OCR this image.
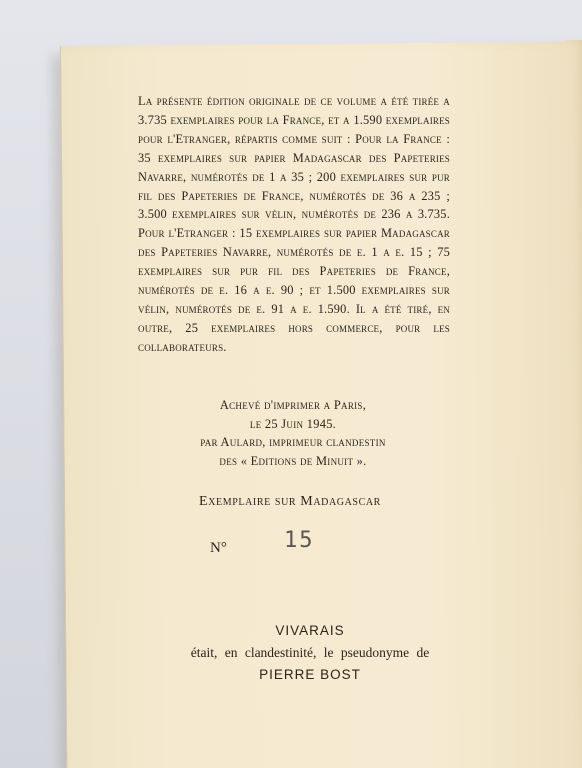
La présente édition originale de ce volume a été tirée a 3.735 exemplaires pour la France, et a 1.590 exemplaires pour l'Etranger, répartis comme suit : Pour la France : 35 exemplaires sur papier Madagascar des Papeteries Navarre, numérotés de 1 a 35 ; 200 exemplaires sur pur fil des Papeteries de France, numérotés de 36 a 235 ; 3.500 exemplaires sur vélin, numérotés de 236 a 3.735. Pour l'Etranger : 15 exemplaires sur papier Madagascar des Papeteries Navarre, numérotés de e. 1 a e. 15 ; 75 exemplaires sur pur fil des Papeteries de France, numérotés de e. 16 a e. 90 ; et 1.500 exemplaires sur vélin, numérotés de e. 91 a e. 1.590. Il a été tiré, en outre, 25 exemplaires hors commerce, pour les collaborateurs.

Achevé d'imprimer a Paris,
le 25 Juin 1945.
par Aulard, imprimeur clandestin
des « Editions de Minuit ».
Exemplaire sur Madagascar
N°	15
VIVARAIS
était, en clandestinité, le pseudonyme de
PIERRE BOST
